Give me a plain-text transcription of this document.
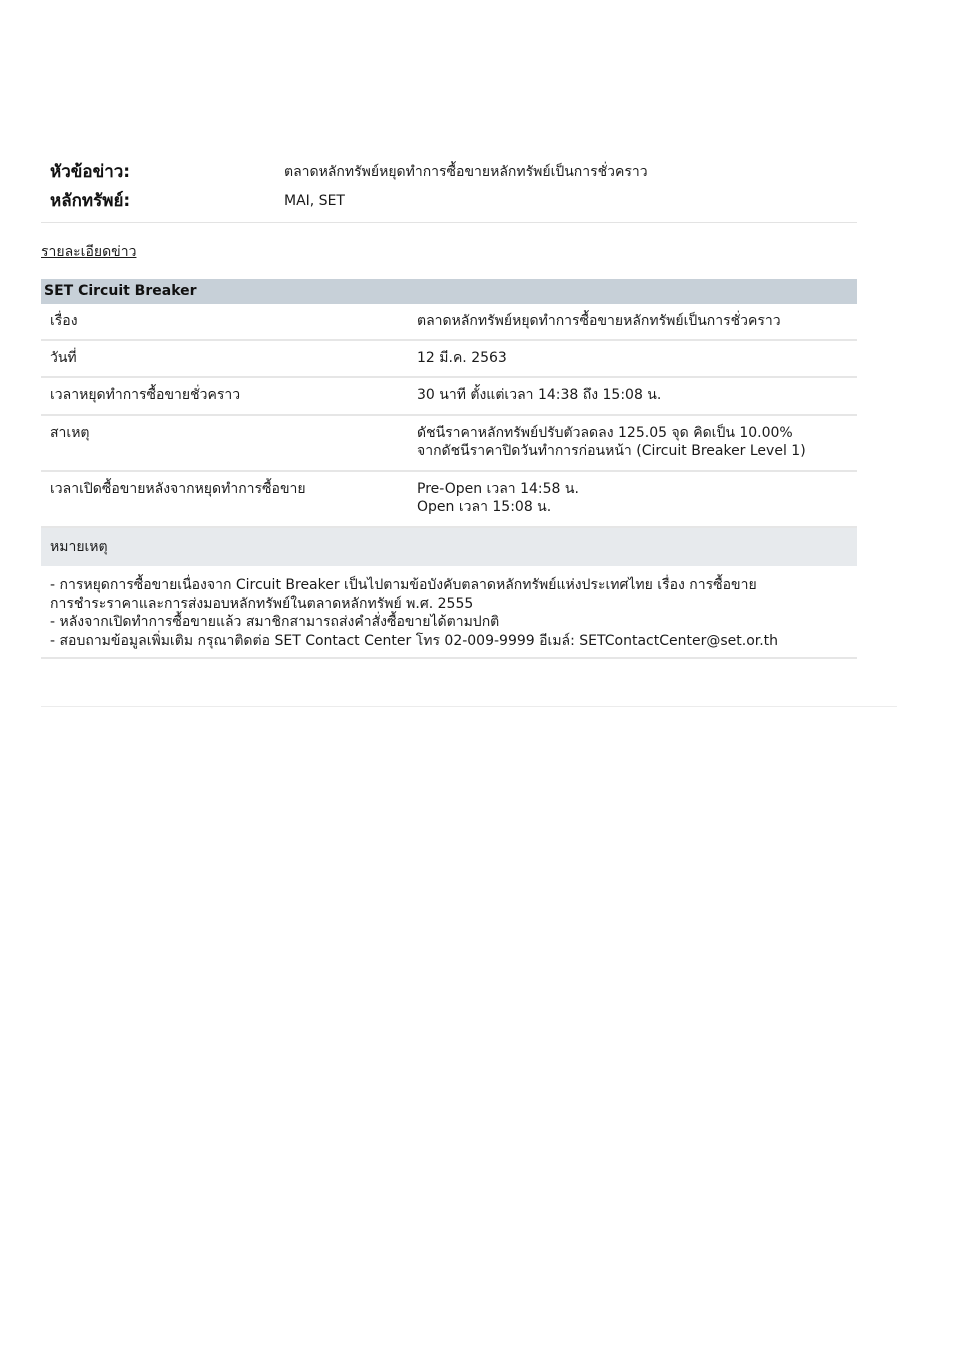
หัวข้อข่าว:	ตลาดหลักทรัพย์หยุดทำการซื้อขายหลักทรัพย์เป็นการชั่วคราว
หลักทรัพย์:	MAI, SET
รายละเอียดข่าว
SET Circuit Breaker
เรื่อง	ตลาดหลักทรัพย์หยุดทำการซื้อขายหลักทรัพย์เป็นการชั่วคราว
วันที่	12 มี.ค. 2563
เวลาหยุดทำการซื้อขายชั่วคราว	30 นาที ตั้งแต่เวลา 14:38 ถึง 15:08 น.
สาเหตุ	ดัชนีราคาหลักทรัพย์ปรับตัวลดลง 125.05 จุด คิดเป็น 10.00%
จากดัชนีราคาปิดวันทำการก่อนหน้า (Circuit Breaker Level 1)
เวลาเปิดซื้อขายหลังจากหยุดทำการซื้อขาย	Pre-Open เวลา 14:58 น.
Open เวลา 15:08 น.
หมายเหตุ
- การหยุดการซื้อขายเนื่องจาก Circuit Breaker เป็นไปตามข้อบังคับตลาดหลักทรัพย์แห่งประเทศไทย เรื่อง การซื้อขาย
การชำระราคาและการส่งมอบหลักทรัพย์ในตลาดหลักทรัพย์ พ.ศ. 2555
- หลังจากเปิดทำการซื้อขายแล้ว สมาชิกสามารถส่งคำสั่งซื้อขายได้ตามปกติ
- สอบถามข้อมูลเพิ่มเติม กรุณาติดต่อ SET Contact Center โทร 02-009-9999 อีเมล์: SETContactCenter@set.or.th
